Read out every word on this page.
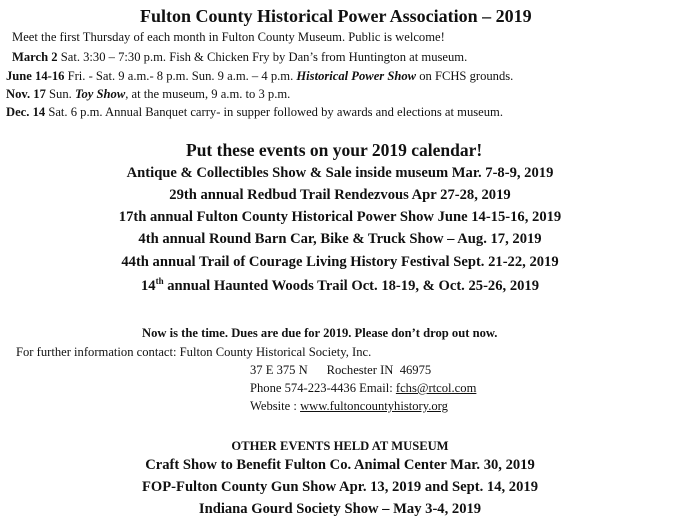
Fulton County Historical Power Association – 2019
Meet the first Thursday of each month in Fulton County Museum. Public is welcome!
March 2 Sat. 3:30 – 7:30 p.m. Fish & Chicken Fry by Dan’s from Huntington at museum.
June 14-16 Fri. - Sat. 9 a.m.- 8 p.m. Sun. 9 a.m. – 4 p.m. Historical Power Show on FCHS grounds.
Nov. 17 Sun. Toy Show, at the museum, 9 a.m. to 3 p.m.
Dec. 14 Sat. 6 p.m. Annual Banquet carry- in supper followed by awards and elections at museum.
Put these events on your 2019 calendar!
Antique & Collectibles Show & Sale inside museum Mar. 7-8-9, 2019
29th annual Redbud Trail Rendezvous Apr 27-28, 2019
17th annual Fulton County Historical Power Show June 14-15-16, 2019
4th annual Round Barn Car, Bike & Truck Show – Aug. 17, 2019
44th annual Trail of Courage Living History Festival Sept. 21-22, 2019
14th annual Haunted Woods Trail Oct. 18-19, & Oct. 25-26, 2019
Now is the time. Dues are due for 2019. Please don’t drop out now.
For further information contact: Fulton County Historical Society, Inc.
37 E 375 N      Rochester IN  46975
Phone 574-223-4436 Email: fchs@rtcol.com
Website : www.fultoncountyhistory.org
OTHER EVENTS HELD AT MUSEUM
Craft Show to Benefit Fulton Co. Animal Center Mar. 30, 2019
FOP-Fulton County Gun Show Apr. 13, 2019 and Sept. 14, 2019
Indiana Gourd Society Show – May 3-4, 2019
